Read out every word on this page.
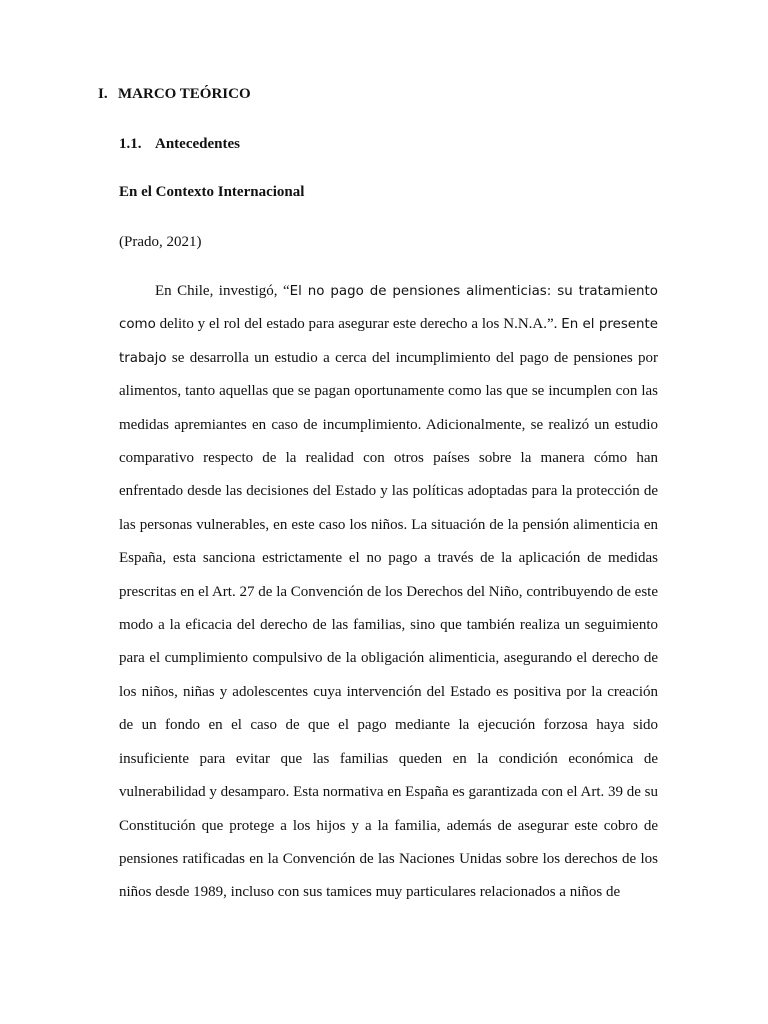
I. MARCO TEÓRICO
1.1. Antecedentes
En el Contexto Internacional
(Prado, 2021)

En Chile, investigó, “El no pago de pensiones alimenticias: su tratamiento como delito y el rol del estado para asegurar este derecho a los N.N.A.”. En el presente trabajo se desarrolla un estudio a cerca del incumplimiento del pago de pensiones por alimentos, tanto aquellas que se pagan oportunamente como las que se incumplen con las medidas apremiantes en caso de incumplimiento. Adicionalmente, se realizó un estudio comparativo respecto de la realidad con otros países sobre la manera cómo han enfrentado desde las decisiones del Estado y las políticas adoptadas para la protección de las personas vulnerables, en este caso los niños. La situación de la pensión alimenticia en España, esta sanciona estrictamente el no pago a través de la aplicación de medidas prescritas en el Art. 27 de la Convención de los Derechos del Niño, contribuyendo de este modo a la eficacia del derecho de las familias, sino que también realiza un seguimiento para el cumplimiento compulsivo de la obligación alimenticia, asegurando el derecho de los niños, niñas y adolescentes cuya intervención del Estado es positiva por la creación de un fondo en el caso de que el pago mediante la ejecución forzosa haya sido insuficiente para evitar que las familias queden en la condición económica de vulnerabilidad y desamparo. Esta normativa en España es garantizada con el Art. 39 de su Constitución que protege a los hijos y a la familia, además de asegurar este cobro de pensiones ratificadas en la Convención de las Naciones Unidas sobre los derechos de los niños desde 1989, incluso con sus tamices muy particulares relacionados a niños de
